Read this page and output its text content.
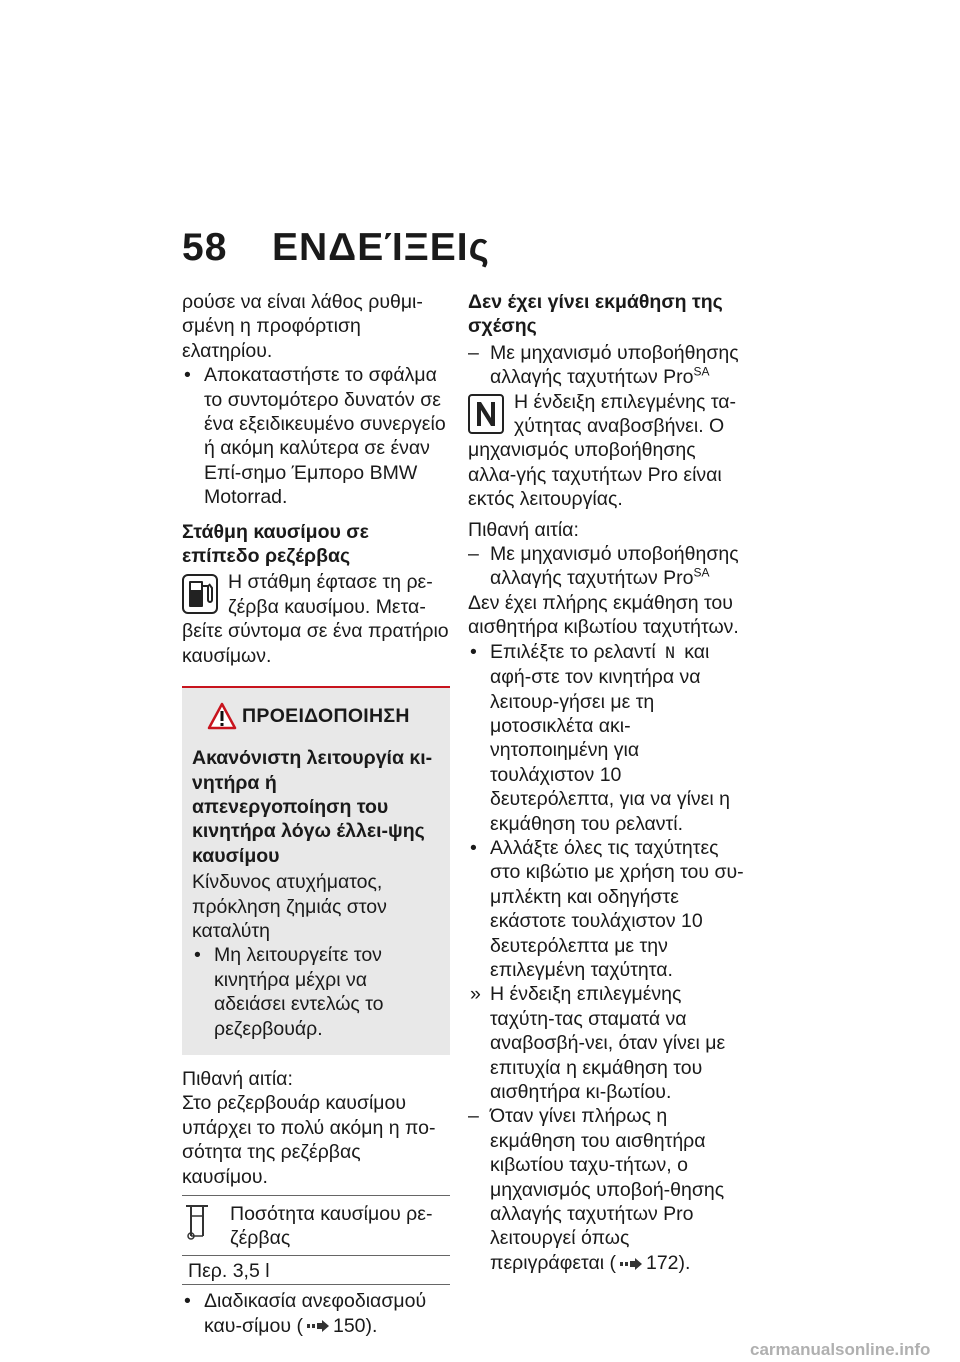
58 ΕΝΔΕΊΞΕΙς
ρούσε να είναι λάθος ρυθμι-
σμένη η προφόρτιση ελατηρίου.
• Αποκαταστήστε το σφάλμα το συντομότερο δυνατόν σε ένα εξειδικευμένο συνεργείο ή ακόμη καλύτερα σε έναν Επί-σημο Έμπορο BMW Motorrad.
Στάθμη καυσίμου σε επίπεδο ρεζέρβας
Η στάθμη έφτασε τη ρε-ζέρβα καυσίμου. Μετα-βείτε σύντομα σε ένα πρατήριο καυσίμων.
ΠΡΟΕΙΔΟΠΟΙΗΣΗ
Ακανόνιστη λειτουργία κι-νητήρα ή απενεργοποίηση του κινητήρα λόγω έλλει-ψης καυσίμου
Κίνδυνος ατυχήματος, πρόκληση ζημιάς στον καταλύτη
• Μη λειτουργείτε τον κινητήρα μέχρι να αδειάσει εντελώς το ρεζερβουάρ.
Πιθανή αιτία:
Στο ρεζερβουάρ καυσίμου υπάρχει το πολύ ακόμη η πο-σότητα της ρεζέρβας καυσίμου.
	Ποσότητα καυσίμου ρε-ζέρβας
Περ. 3,5 l
• Διαδικασία ανεφοδιασμού καυ-σίμου ( 150).
Δεν έχει γίνει εκμάθηση της σχέσης
– Με μηχανισμό υποβοήθησης αλλαγής ταχυτήτων Pro$^{SA}$
Η ένδειξη επιλεγμένης τα-χύτητας αναβοσβήνει. Ο μηχανισμός υποβοήθησης αλλα-γής ταχυτήτων Pro είναι εκτός λειτουργίας.
Πιθανή αιτία:
– Με μηχανισμό υποβοήθησης αλλαγής ταχυτήτων Pro$^{SA}$
Δεν έχει πλήρης εκμάθηση του αισθητήρα κιβωτίου ταχυτήτων.
• Επιλέξτε το ρελαντί N και αφή-στε τον κινητήρα να λειτουρ-γήσει με τη μοτοσικλέτα ακι-νητοποιημένη για τουλάχιστον 10 δευτερόλεπτα, για να γίνει η εκμάθηση του ρελαντί.
• Αλλάξτε όλες τις ταχύτητες στο κιβώτιο με χρήση του συ-μπλέκτη και οδηγήστε εκάστοτε τουλάχιστον 10 δευτερόλεπτα με την επιλεγμένη ταχύτητα.
» Η ένδειξη επιλεγμένης ταχύτη-τας σταματά να αναβοσβή-νει, όταν γίνει με επιτυχία η εκμάθηση του αισθητήρα κι-βωτίου.
– Όταν γίνει πλήρως η εκμάθηση του αισθητήρα κιβωτίου ταχυ-τήτων, ο μηχανισμός υποβοή-θησης αλλαγής ταχυτήτων Pro λειτουργεί όπως περιγράφεται ( 172).
carmanualsonline.info
